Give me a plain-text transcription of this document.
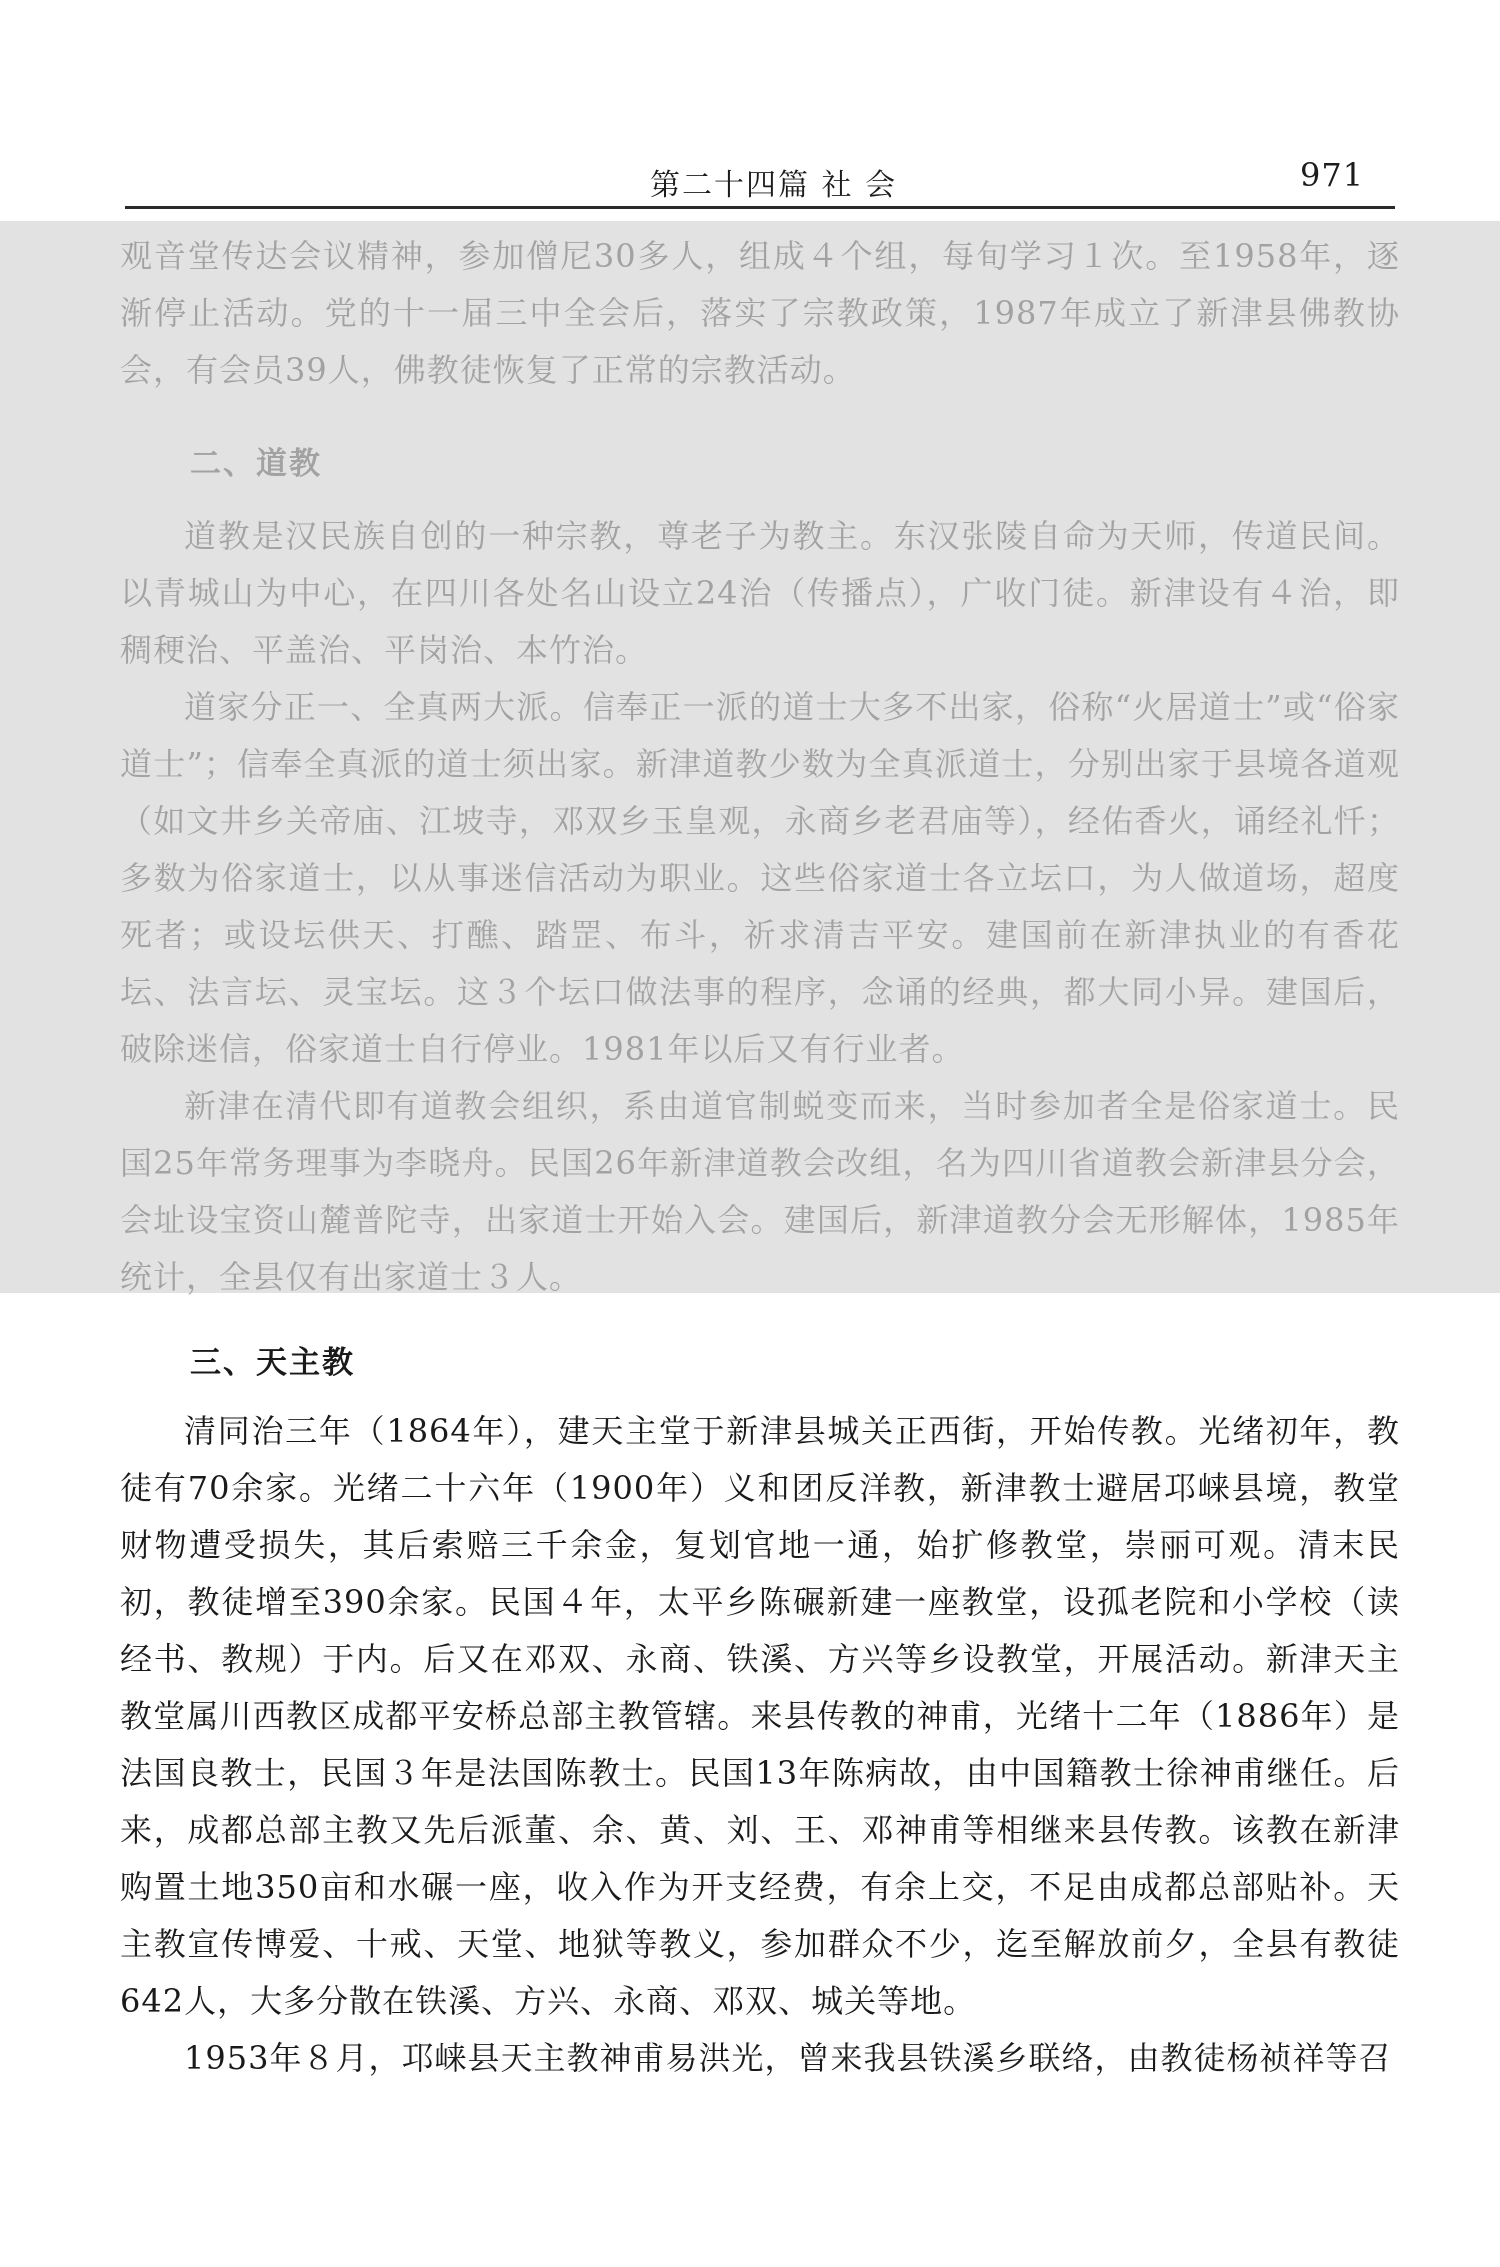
第二十四篇 社 会	971

观音堂传达会议精神，参加僧尼30多人，组成４个组，每旬学习１次。至1958年，逐渐停止活动。党的十一届三中全会后，落实了宗教政策，1987年成立了新津县佛教协会，有会员39人，佛教徒恢复了正常的宗教活动。

二、道教

道教是汉民族自创的一种宗教，尊老子为教主。东汉张陵自命为天师，传道民间。以青城山为中心，在四川各处名山设立24治（传播点），广收门徒。新津设有４治，即稠稉治、平盖治、平岗治、本竹治。

道家分正一、全真两大派。信奉正一派的道士大多不出家，俗称“火居道士”或“俗家道士”；信奉全真派的道士须出家。新津道教少数为全真派道士，分别出家于县境各道观（如文井乡关帝庙、江坡寺，邓双乡玉皇观，永商乡老君庙等），经佑香火，诵经礼忏；多数为俗家道士，以从事迷信活动为职业。这些俗家道士各立坛口，为人做道场，超度死者；或设坛供天、打醮、踏罡、布斗，祈求清吉平安。建国前在新津执业的有香花坛、法言坛、灵宝坛。这３个坛口做法事的程序，念诵的经典，都大同小异。建国后，破除迷信，俗家道士自行停业。1981年以后又有行业者。

新津在清代即有道教会组织，系由道官制蜕变而来，当时参加者全是俗家道士。民国25年常务理事为李晓舟。民国26年新津道教会改组，名为四川省道教会新津县分会，会址设宝资山麓普陀寺，出家道士开始入会。建国后，新津道教分会无形解体，1985年统计，全县仅有出家道士３人。

三、天主教

清同治三年（1864年），建天主堂于新津县城关正西街，开始传教。光绪初年，教徒有70余家。光绪二十六年（1900年）义和团反洋教，新津教士避居邛崃县境，教堂财物遭受损失，其后索赔三千余金，复划官地一通，始扩修教堂，崇丽可观。清末民初，教徒增至390余家。民国４年，太平乡陈碾新建一座教堂，设孤老院和小学校（读经书、教规）于内。后又在邓双、永商、铁溪、方兴等乡设教堂，开展活动。新津天主教堂属川西教区成都平安桥总部主教管辖。来县传教的神甫，光绪十二年（1886年）是法国良教士，民国３年是法国陈教士。民国13年陈病故，由中国籍教士徐神甫继任。后来，成都总部主教又先后派董、余、黄、刘、王、邓神甫等相继来县传教。该教在新津购置土地350亩和水碾一座，收入作为开支经费，有余上交，不足由成都总部贴补。天主教宣传博爱、十戒、天堂、地狱等教义，参加群众不少，迄至解放前夕，全县有教徒642人，大多分散在铁溪、方兴、永商、邓双、城关等地。

1953年８月，邛崃县天主教神甫易洪光，曾来我县铁溪乡联络，由教徒杨祯祥等召
